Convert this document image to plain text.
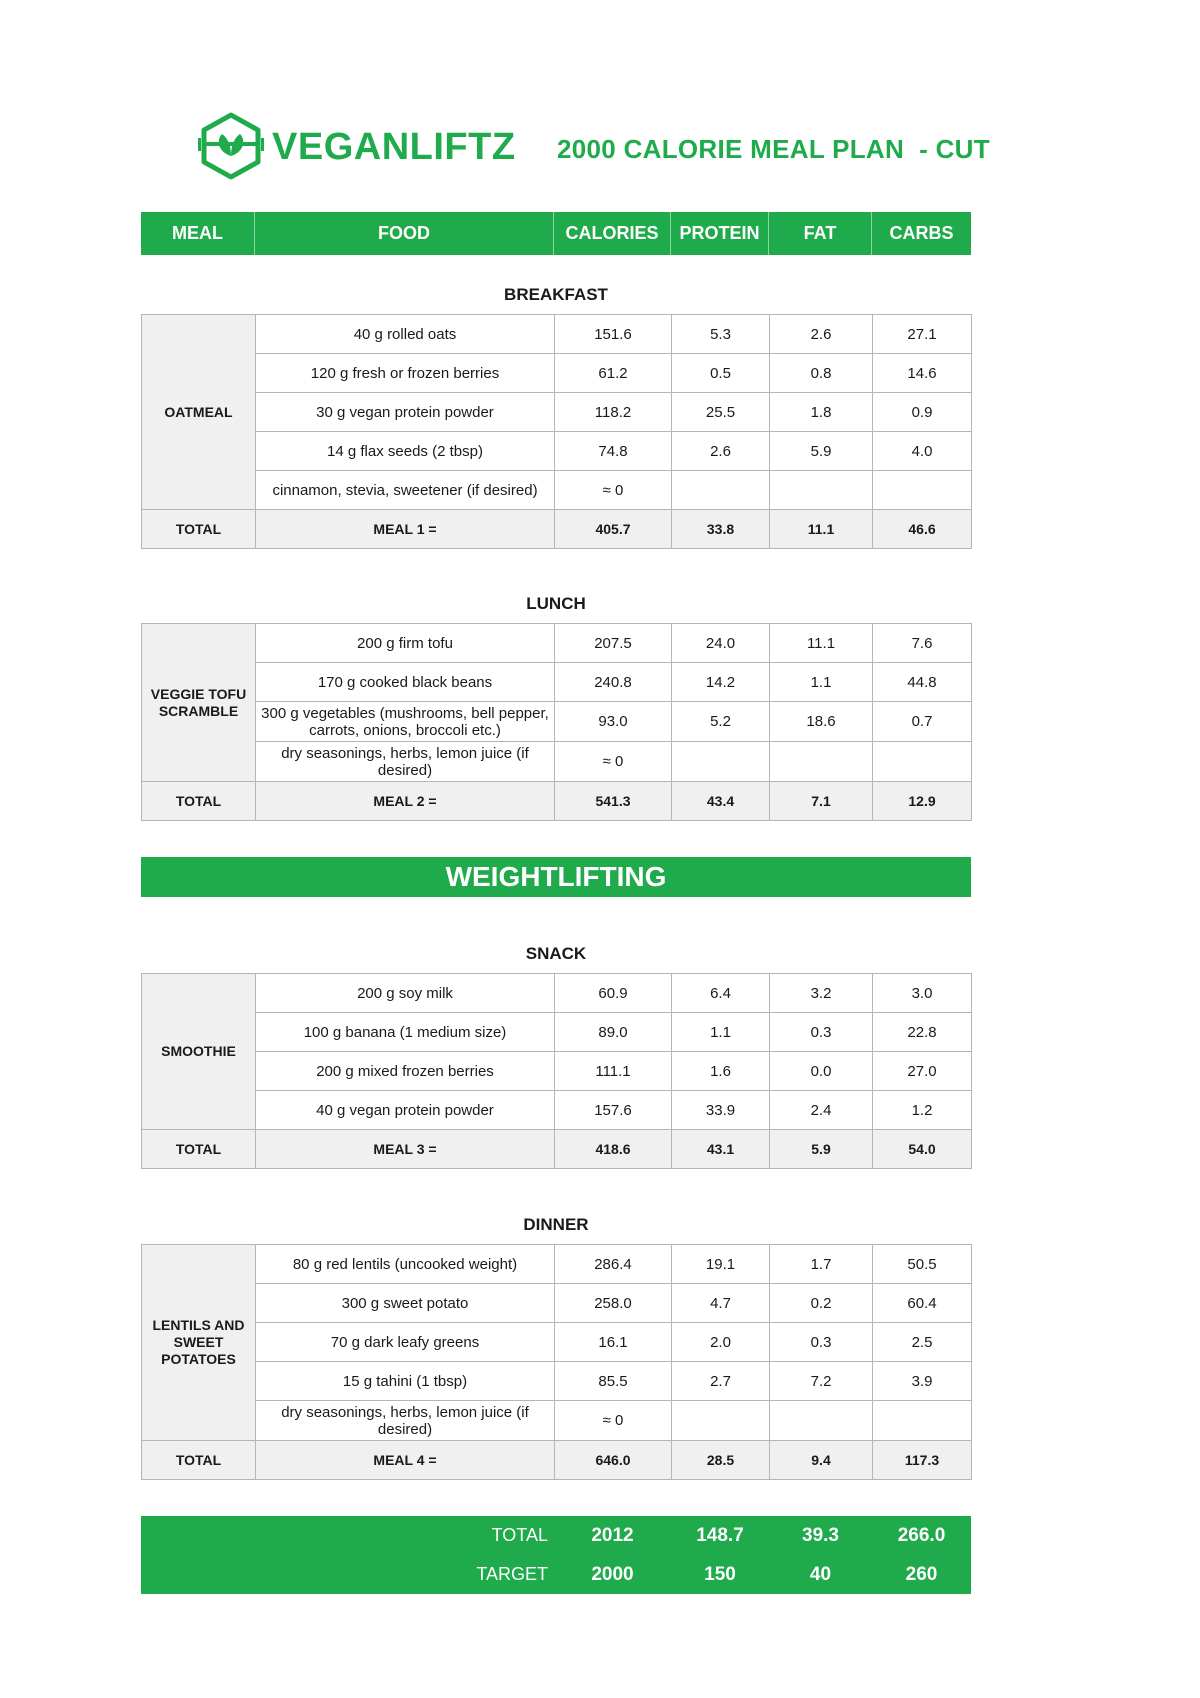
VEGANLIFTZ 2000 CALORIE MEAL PLAN  - CUT
MEAL	FOOD	CALORIES	PROTEIN	FAT	CARBS
BREAKFAST
OATMEAL	40 g rolled oats	151.6	5.3	2.6	27.1
	120 g fresh or frozen berries	61.2	0.5	0.8	14.6
	30 g vegan protein powder	118.2	25.5	1.8	0.9
	14 g flax seeds (2 tbsp)	74.8	2.6	5.9	4.0
	cinnamon, stevia, sweetener (if desired)	≈ 0			
TOTAL	MEAL 1 =	405.7	33.8	11.1	46.6
LUNCH
VEGGIE TOFU SCRAMBLE	200 g firm tofu	207.5	24.0	11.1	7.6
	170 g cooked black beans	240.8	14.2	1.1	44.8
	300 g vegetables (mushrooms, bell pepper, carrots, onions, broccoli etc.)	93.0	5.2	18.6	0.7
	dry seasonings, herbs, lemon juice (if desired)	≈ 0			
TOTAL	MEAL 2 =	541.3	43.4	7.1	12.9
WEIGHTLIFTING
SNACK
SMOOTHIE	200 g soy milk	60.9	6.4	3.2	3.0
	100 g banana (1 medium size)	89.0	1.1	0.3	22.8
	200 g mixed frozen berries	111.1	1.6	0.0	27.0
	40 g vegan protein powder	157.6	33.9	2.4	1.2
TOTAL	MEAL 3 =	418.6	43.1	5.9	54.0
DINNER
LENTILS AND SWEET POTATOES	80 g red lentils (uncooked weight)	286.4	19.1	1.7	50.5
	300 g sweet potato	258.0	4.7	0.2	60.4
	70 g dark leafy greens	16.1	2.0	0.3	2.5
	15 g tahini (1 tbsp)	85.5	2.7	7.2	3.9
	dry seasonings, herbs, lemon juice (if desired)	≈ 0			
TOTAL	MEAL 4 =	646.0	28.5	9.4	117.3
TOTAL	2012	148.7	39.3	266.0
TARGET	2000	150	40	260
